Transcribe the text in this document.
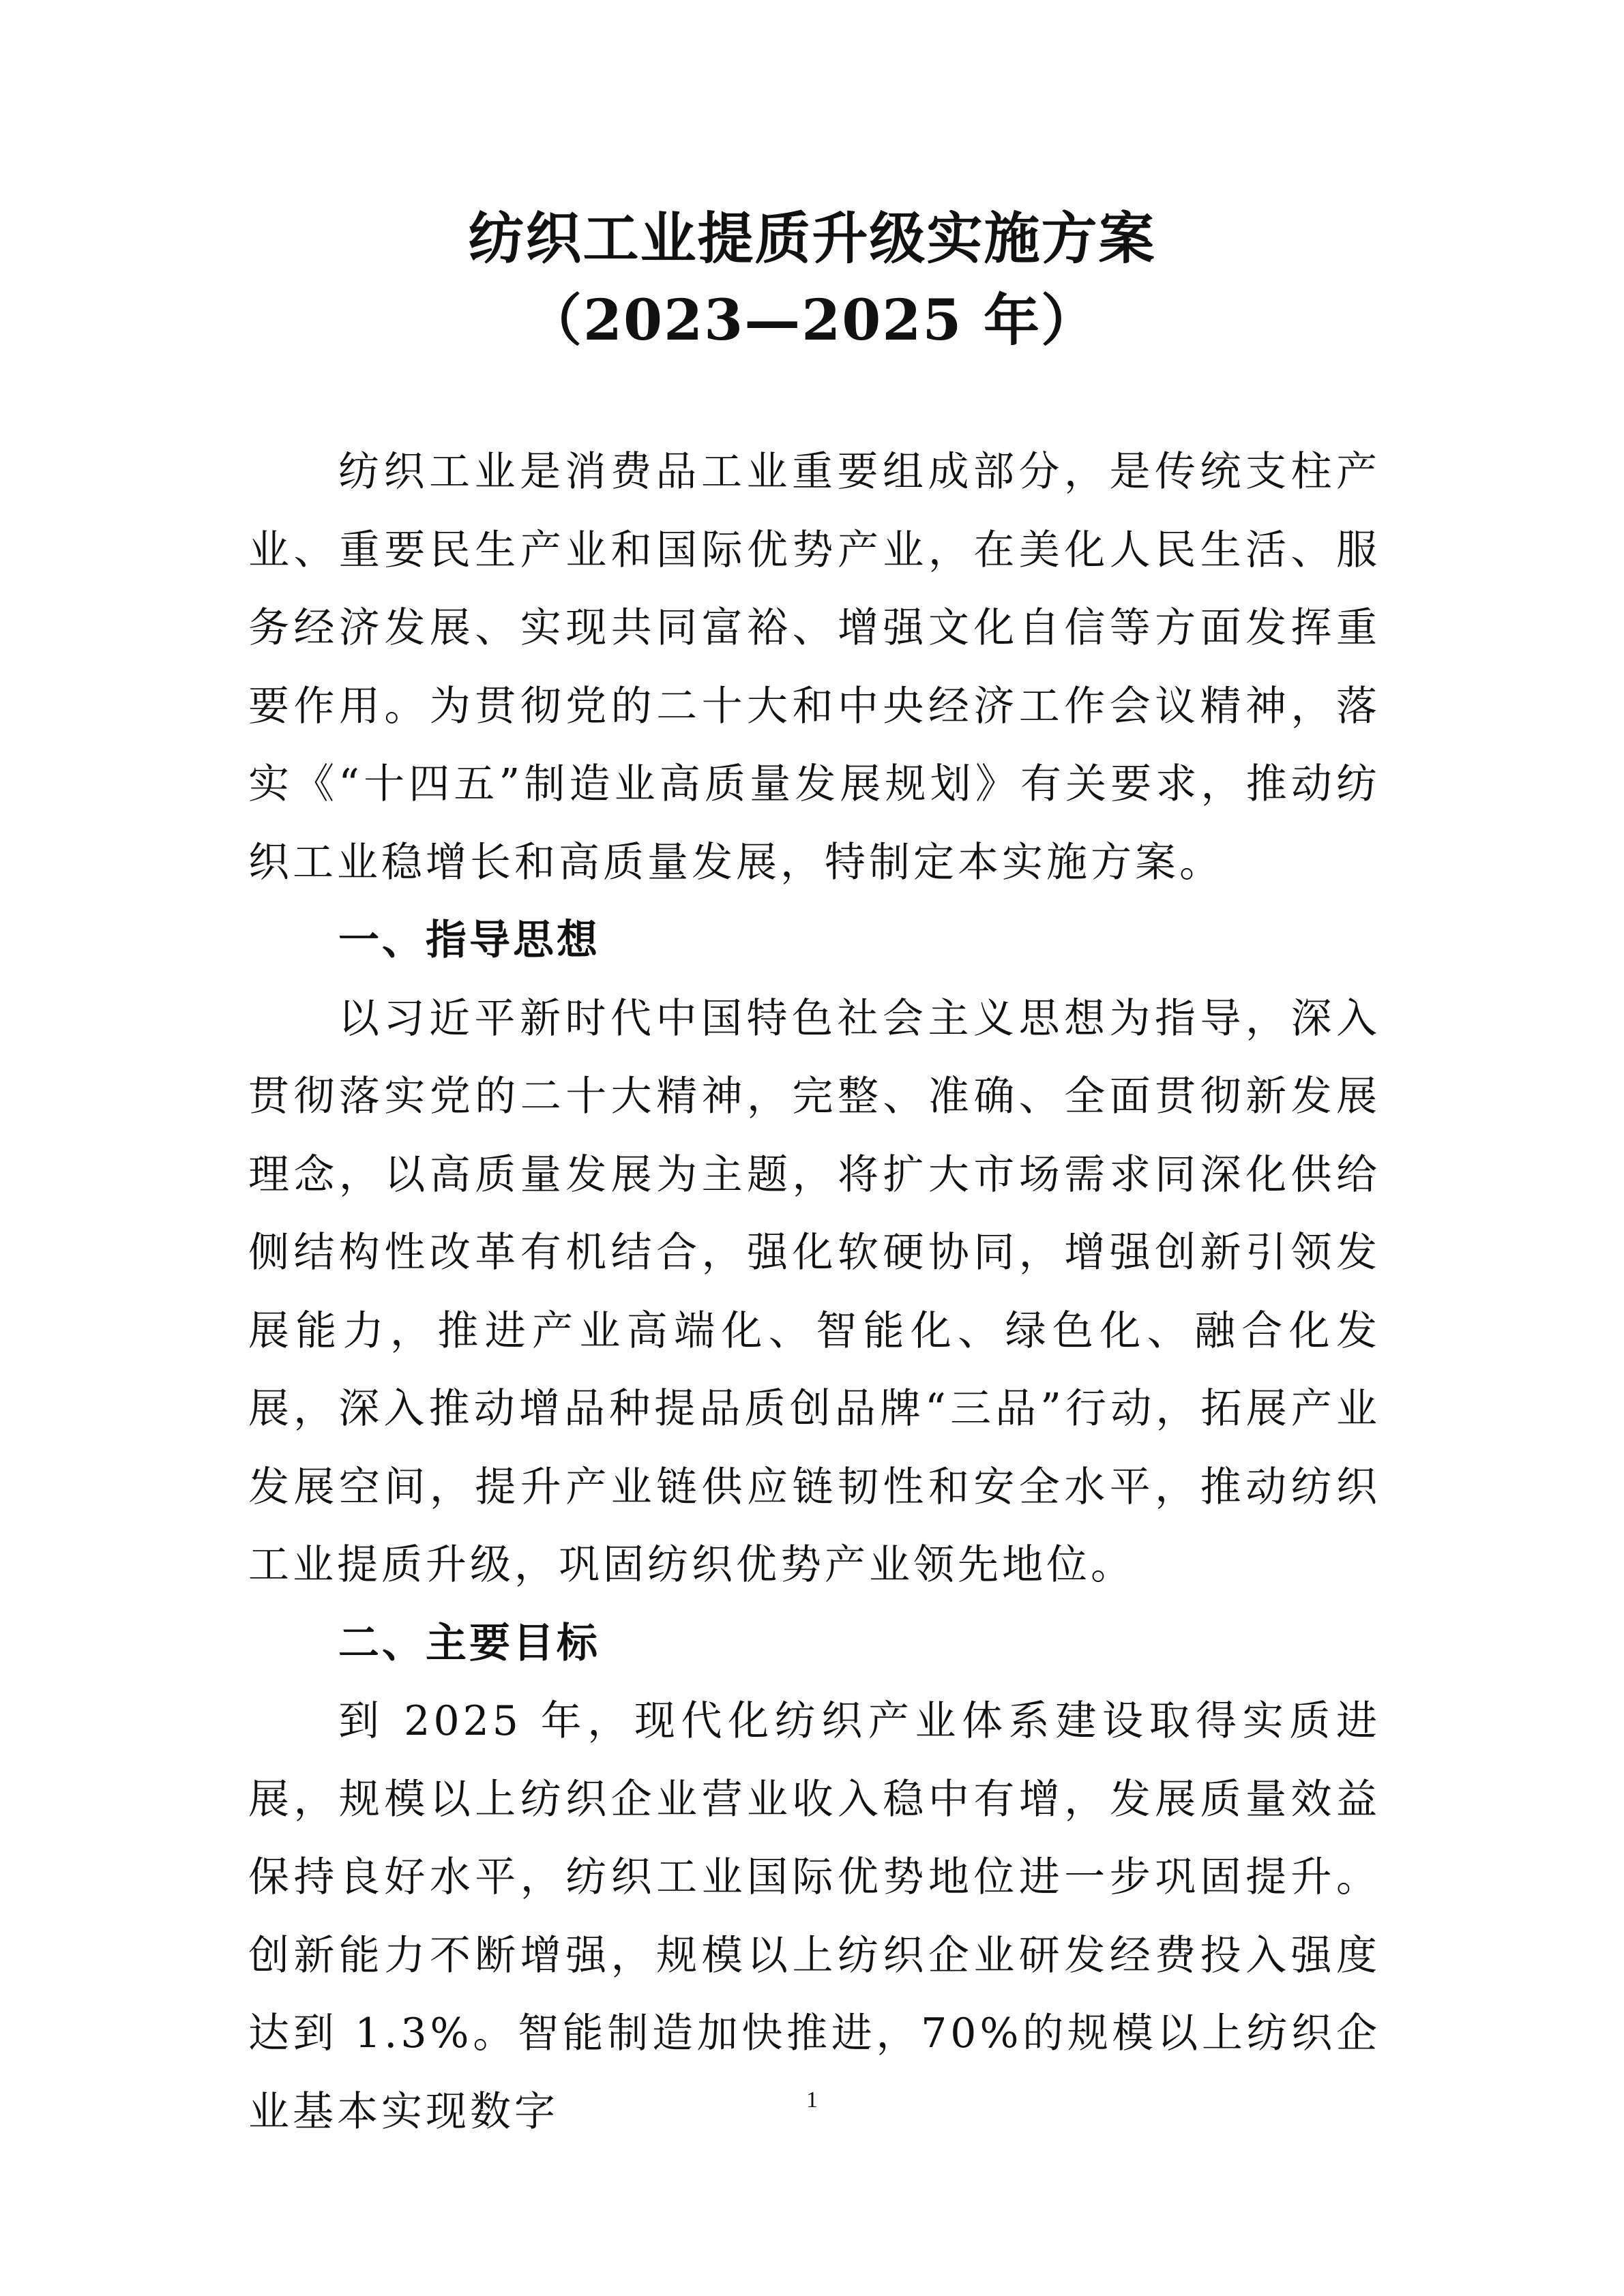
纺织工业提质升级实施方案
（2023—2025 年）

纺织工业是消费品工业重要组成部分，是传统支柱产业、重要民生产业和国际优势产业，在美化人民生活、服务经济发展、实现共同富裕、增强文化自信等方面发挥重要作用。为贯彻党的二十大和中央经济工作会议精神，落实《“十四五”制造业高质量发展规划》有关要求，推动纺织工业稳增长和高质量发展，特制定本实施方案。

一、指导思想

以习近平新时代中国特色社会主义思想为指导，深入贯彻落实党的二十大精神，完整、准确、全面贯彻新发展理念，以高质量发展为主题，将扩大市场需求同深化供给侧结构性改革有机结合，强化软硬协同，增强创新引领发展能力，推进产业高端化、智能化、绿色化、融合化发展，深入推动增品种提品质创品牌“三品”行动，拓展产业发展空间，提升产业链供应链韧性和安全水平，推动纺织工业提质升级，巩固纺织优势产业领先地位。

二、主要目标

到 2025 年，现代化纺织产业体系建设取得实质进展，规模以上纺织企业营业收入稳中有增，发展质量效益保持良好水平，纺织工业国际优势地位进一步巩固提升。创新能力不断增强，规模以上纺织企业研发经费投入强度达到 1.3%。智能制造加快推进，70%的规模以上纺织企业基本实现数字	1
